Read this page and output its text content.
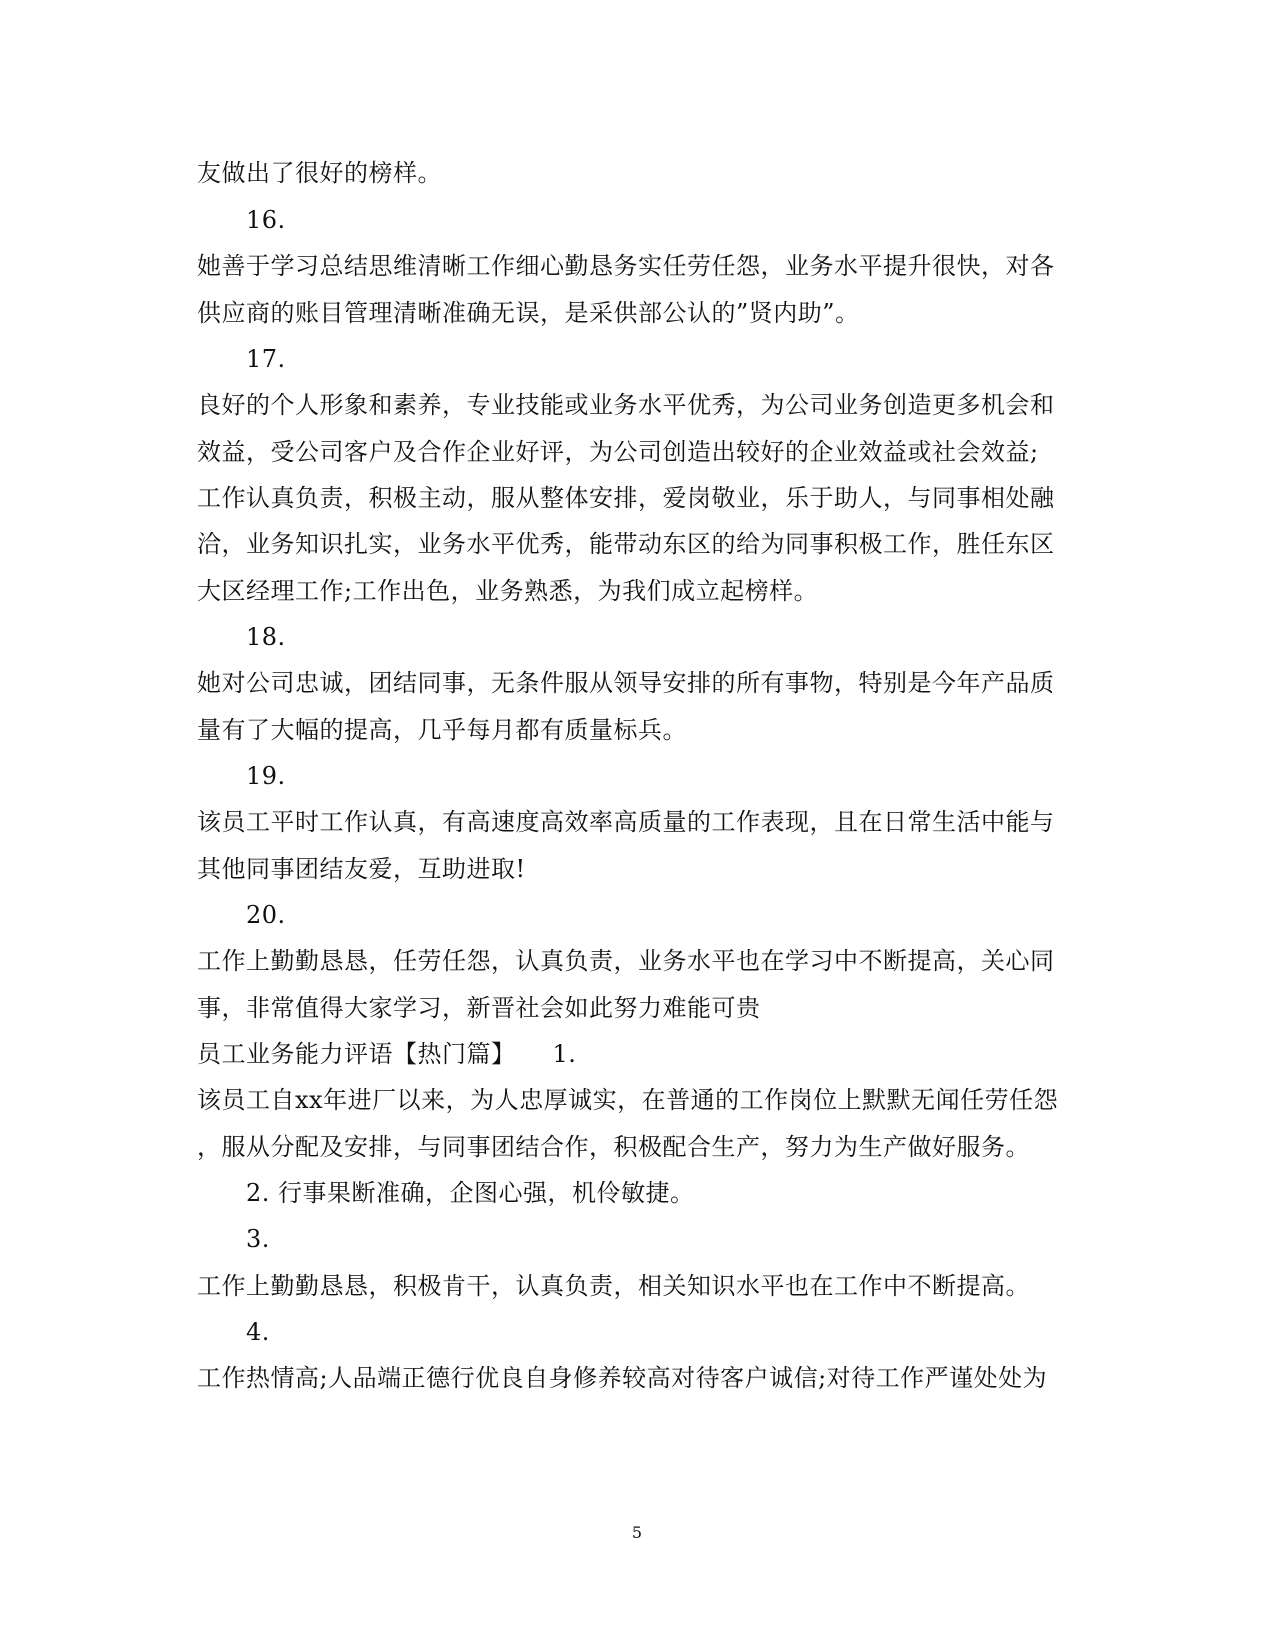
友做出了很好的榜样。
16.
她善于学习总结思维清晰工作细心勤恳务实任劳任怨，业务水平提升很快，对各
供应商的账目管理清晰准确无误，是采供部公认的”贤内助”。
17.
良好的个人形象和素养，专业技能或业务水平优秀，为公司业务创造更多机会和
效益，受公司客户及合作企业好评，为公司创造出较好的企业效益或社会效益;
工作认真负责，积极主动，服从整体安排，爱岗敬业，乐于助人，与同事相处融
洽，业务知识扎实，业务水平优秀，能带动东区的给为同事积极工作，胜任东区
大区经理工作;工作出色，业务熟悉，为我们成立起榜样。
18.
她对公司忠诚，团结同事，无条件服从领导安排的所有事物，特别是今年产品质
量有了大幅的提高，几乎每月都有质量标兵。
19.
该员工平时工作认真，有高速度高效率高质量的工作表现，且在日常生活中能与
其他同事团结友爱，互助进取!
20.
工作上勤勤恳恳，任劳任怨，认真负责，业务水平也在学习中不断提高，关心同
事，非常值得大家学习，新晋社会如此努力难能可贵
员工业务能力评语【热门篇】　　1.
该员工自xx年进厂以来，为人忠厚诚实，在普通的工作岗位上默默无闻任劳任怨
，服从分配及安排，与同事团结合作，积极配合生产，努力为生产做好服务。
2. 行事果断准确，企图心强，机伶敏捷。
3.
工作上勤勤恳恳，积极肯干，认真负责，相关知识水平也在工作中不断提高。
4.
工作热情高;人品端正德行优良自身修养较高对待客户诚信;对待工作严谨处处为
5
